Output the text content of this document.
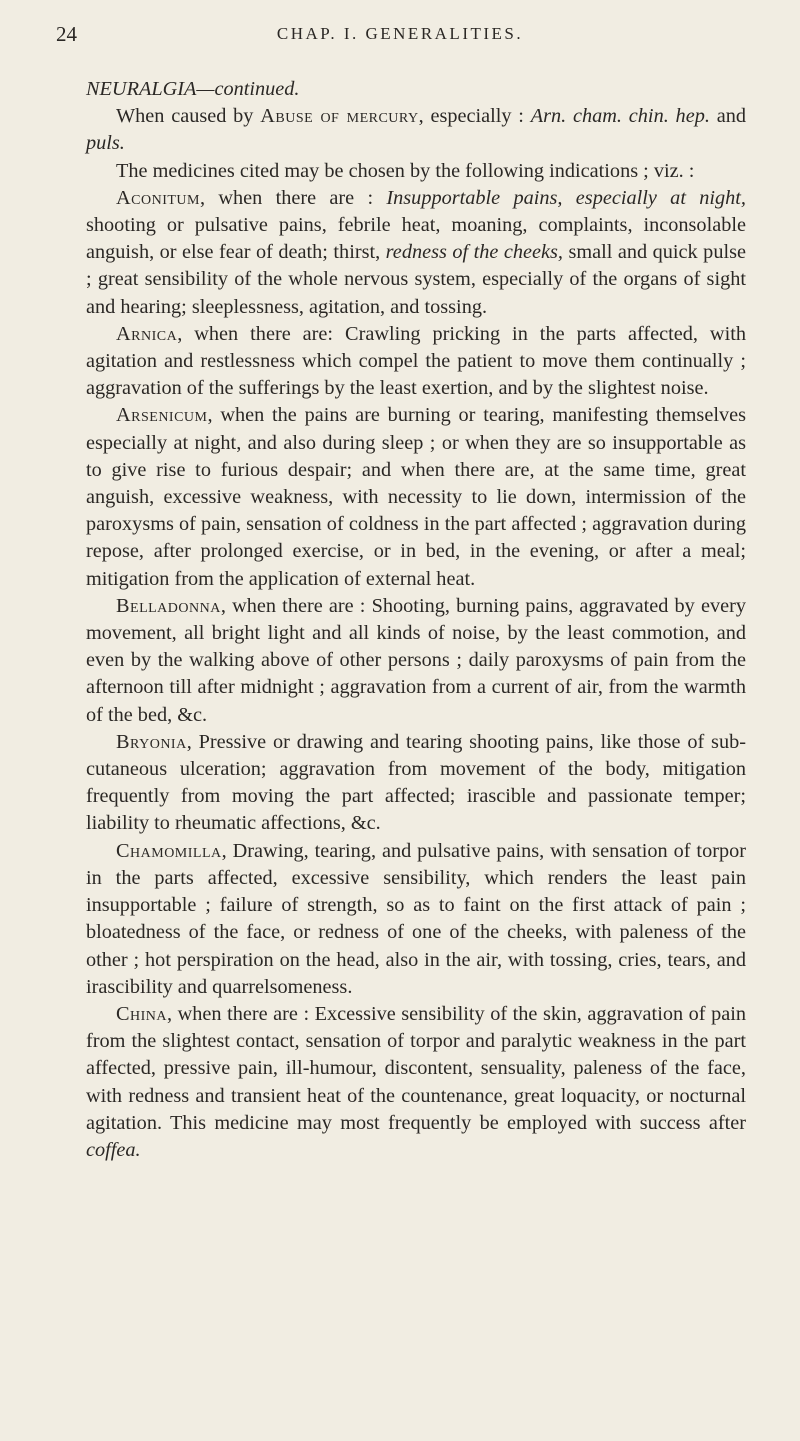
24	CHAP. I. GENERALITIES.
NEURALGIA—continued.

When caused by Abuse of mercury, especially : Arn. cham. chin. hep. and puls.

The medicines cited may be chosen by the following indications ; viz. :

Aconitum, when there are : Insupportable pains, especially at night, shooting or pulsative pains, febrile heat, moaning, complaints, inconsolable anguish, or else fear of death; thirst, redness of the cheeks, small and quick pulse ; great sensibility of the whole nervous system, especially of the organs of sight and hearing; sleeplessness, agitation, and tossing.

Arnica, when there are: Crawling pricking in the parts affected, with agitation and restlessness which compel the patient to move them continually ; aggravation of the sufferings by the least exertion, and by the slightest noise.

Arsenicum, when the pains are burning or tearing, manifesting themselves especially at night, and also during sleep ; or when they are so insupportable as to give rise to furious despair; and when there are, at the same time, great anguish, excessive weakness, with necessity to lie down, intermission of the paroxysms of pain, sensation of coldness in the part affected ; aggravation during repose, after prolonged exercise, or in bed, in the evening, or after a meal; mitigation from the application of external heat.

Belladonna, when there are : Shooting, burning pains, aggravated by every movement, all bright light and all kinds of noise, by the least commotion, and even by the walking above of other persons ; daily paroxysms of pain from the afternoon till after midnight ; aggravation from a current of air, from the warmth of the bed, &c.

Bryonia, Pressive or drawing and tearing shooting pains, like those of sub-cutaneous ulceration; aggravation from movement of the body, mitigation frequently from moving the part affected; irascible and passionate temper; liability to rheumatic affections, &c.

Chamomilla, Drawing, tearing, and pulsative pains, with sensation of torpor in the parts affected, excessive sensibility, which renders the least pain insupportable ; failure of strength, so as to faint on the first attack of pain ; bloatedness of the face, or redness of one of the cheeks, with paleness of the other ; hot perspiration on the head, also in the air, with tossing, cries, tears, and irascibility and quarrelsomeness.

China, when there are : Excessive sensibility of the skin, aggravation of pain from the slightest contact, sensation of torpor and paralytic weakness in the part affected, pressive pain, ill-humour, discontent, sensuality, paleness of the face, with redness and transient heat of the countenance, great loquacity, or nocturnal agitation. This medicine may most frequently be employed with success after coffea.
